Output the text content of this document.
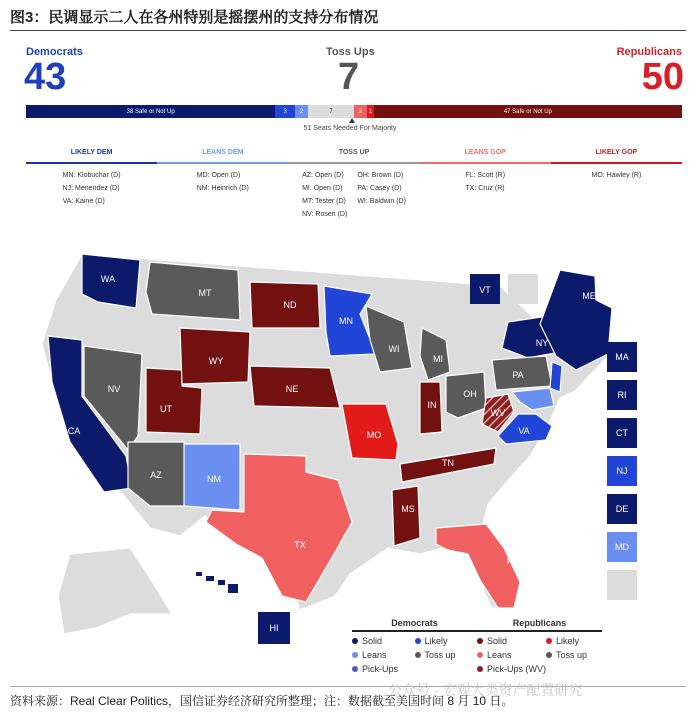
图3：民调显示二人在各州特别是摇摆州的支持分布情况
Democrats
43
Toss Ups
7
Republicans
50
38 Safe or Not Up	3	2	7	2	1	47 Safe or Not Up
51 Seats Needed For Majority
LIKELY DEM
MN: Klobuchar (D)
NJ: Menendez (D)
VA: Kaine (D)
LEANS DEM
MD: Open (D)
NM: Heinrich (D)
TOSS UP
AZ: Open (D)
MI: Open (D)
MT: Tester (D)
NV: Rosen (D)
OH: Brown (D)
PA: Casey (D)
WI: Baldwin (D)
LEANS GOP
FL: Scott (R)
TX: Cruz (R)
LIKELY GOP
MO: Hawley (R)
WA
MT
ND
MN
WI
MI
NY
ME
VT
CA
NV
UT
WY
NE
MO
IN
OH
PA
WV
VA
TN
MS
AZ	NM
TX
FL
MA
RI
CT
NJ
DE
MD
HI	Democrats	Republicans
Solid	Likely
Leans	Toss up
Pick-Ups
Solid	Likely
Leans	Toss up
Pick-Ups (WV)
公众号 · 宏观大类资产配置研究
资料来源：Real Clear Politics，国信证券经济研究所整理；注：数据截至美国时间 8 月 10 日。
